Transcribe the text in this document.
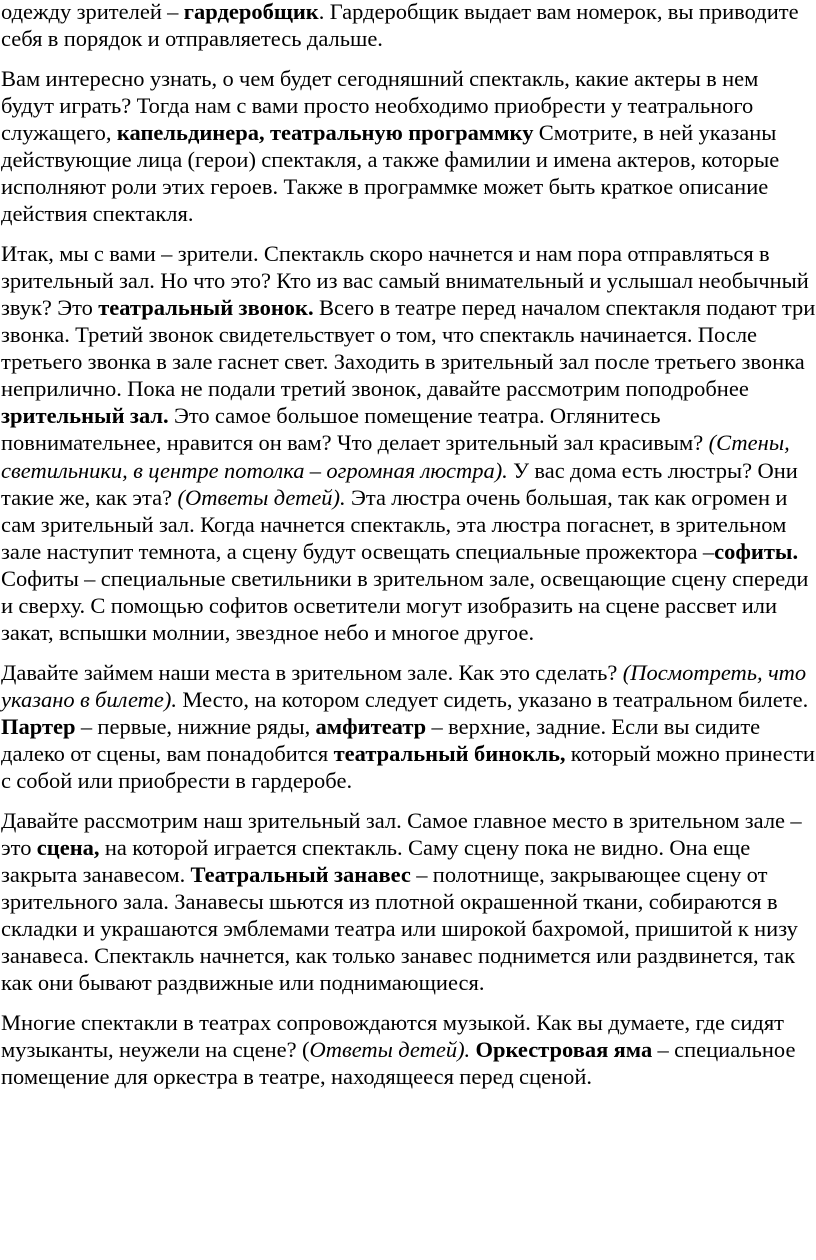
одежду зрителей – гардеробщик. Гардеробщик выдает вам номерок, вы приводите себя в порядок и отправляетесь дальше.

Вам интересно узнать, о чем будет сегодняшний спектакль, какие актеры в нем будут играть? Тогда нам с вами просто необходимо приобрести у театрального служащего, капельдинера, театральную программку Смотрите, в ней указаны действующие лица (герои) спектакля, а также фамилии и имена актеров, которые исполняют роли этих героев. Также в программке может быть краткое описание действия спектакля.

Итак, мы с вами – зрители. Спектакль скоро начнется и нам пора отправляться в зрительный зал. Но что это? Кто из вас самый внимательный и услышал необычный звук? Это театральный звонок. Всего в театре перед началом спектакля подают три звонка. Третий звонок свидетельствует о том, что спектакль начинается. После третьего звонка в зале гаснет свет. Заходить в зрительный зал после третьего звонка неприлично. Пока не подали третий звонок, давайте рассмотрим поподробнее зрительный зал. Это самое большое помещение театра. Оглянитесь повнимательнее, нравится он вам? Что делает зрительный зал красивым? (Стены, светильники, в центре потолка – огромная люстра). У вас дома есть люстры? Они такие же, как эта? (Ответы детей). Эта люстра очень большая, так как огромен и сам зрительный зал. Когда начнется спектакль, эта люстра погаснет, в зрительном зале наступит темнота, а сцену будут освещать специальные прожектора –софиты. Софиты – специальные светильники в зрительном зале, освещающие сцену спереди и сверху. С помощью софитов осветители могут изобразить на сцене рассвет или закат, вспышки молнии, звездное небо и многое другое.

Давайте займем наши места в зрительном зале. Как это сделать? (Посмотреть, что указано в билете). Место, на котором следует сидеть, указано в театральном билете. Партер – первые, нижние ряды, амфитеатр – верхние, задние. Если вы сидите далеко от сцены, вам понадобится театральный бинокль, который можно принести с собой или приобрести в гардеробе.

Давайте рассмотрим наш зрительный зал. Самое главное место в зрительном зале – это сцена, на которой играется спектакль. Саму сцену пока не видно. Она еще закрыта занавесом. Театральный занавес – полотнище, закрывающее сцену от зрительного зала. Занавесы шьются из плотной окрашенной ткани, собираются в складки и украшаются эмблемами театра или широкой бахромой, пришитой к низу занавеса. Спектакль начнется, как только занавес поднимется или раздвинется, так как они бывают раздвижные или поднимающиеся.

Многие спектакли в театрах сопровождаются музыкой. Как вы думаете, где сидят музыканты, неужели на сцене? (Ответы детей). Оркестровая яма – специальное помещение для оркестра в театре, находящееся перед сценой.
